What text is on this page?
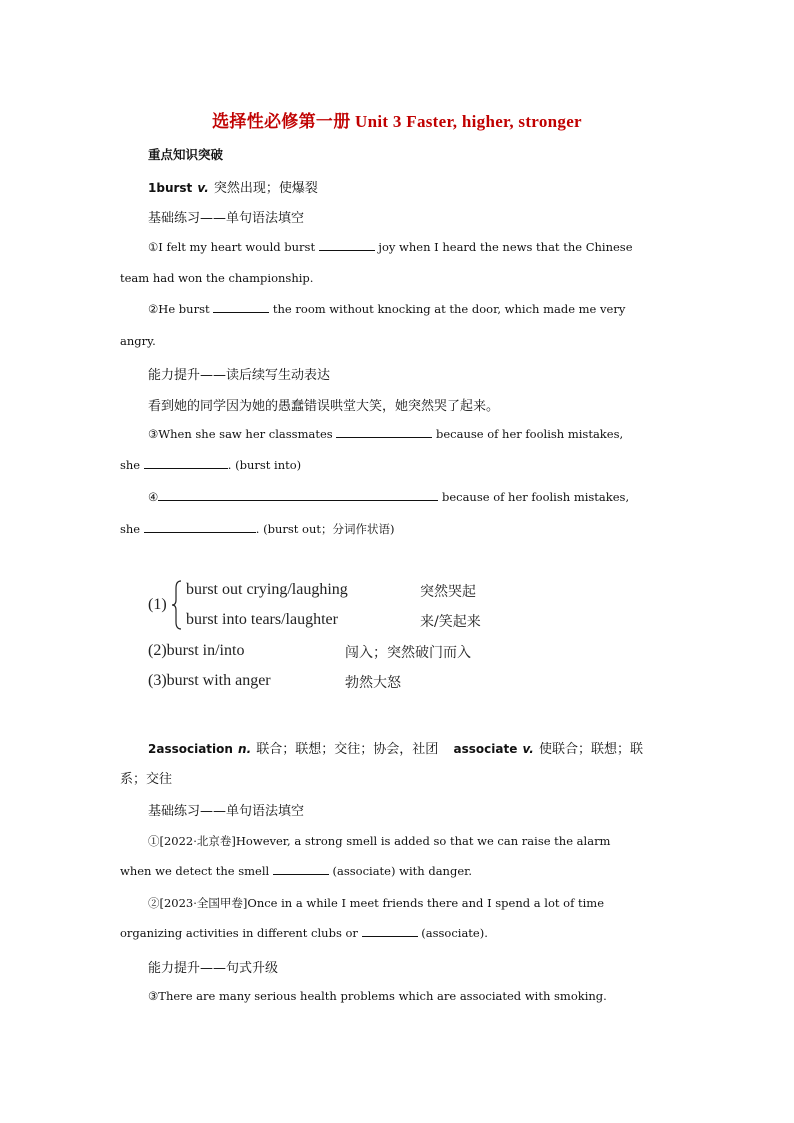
选择性必修第一册 Unit 3 Faster, higher, stronger
重点知识突破
1burst v. 突然出现；使爆裂
基础练习——单句语法填空
①I felt my heart would burst	joy when I heard the news that the Chinese
team had won the championship.
②He burst	the room without knocking at the door, which made me very
angry.
能力提升——读后续写生动表达
看到她的同学因为她的愚蠢错误哄堂大笑，她突然哭了起来。
③When she saw her classmates	because of her foolish mistakes,
she	. (burst into)
④	because of her foolish mistakes,
she	. (burst out；分词作状语)
(1)
burst out crying/laughing	突然哭起
burst into tears/laughter	来/笑起来
(2)burst in/into	闯入；突然破门而入
(3)burst with anger	勃然大怒
2association n. 联合；联想；交往；协会，社团 associate v. 使联合；联想；联
系；交往
基础练习——单句语法填空
①[2022·北京卷]However, a strong smell is added so that we can raise the alarm
when we detect the smell	(associate) with danger.
②[2023·全国甲卷]Once in a while I meet friends there and I spend a lot of time
organizing activities in different clubs or	(associate).
能力提升——句式升级
③There are many serious health problems which are associated with smoking.
